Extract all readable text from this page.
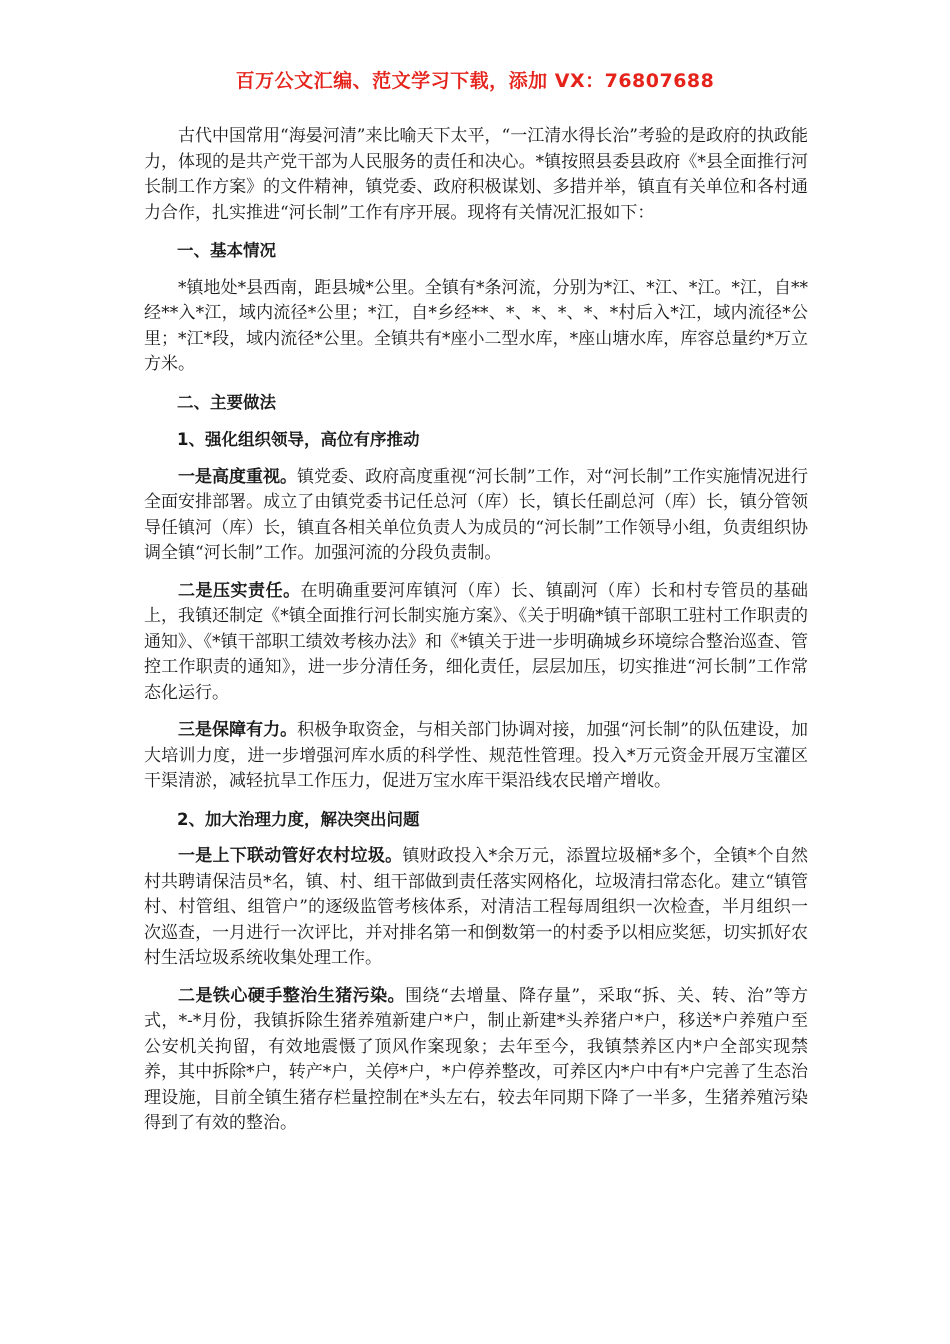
百万公文汇编、范文学习下载，添加 VX：76807688

古代中国常用“海晏河清”来比喻天下太平，“一江清水得长治”考验的是政府的执政能力，体现的是共产党干部为人民服务的责任和决心。*镇按照县委县政府《*县全面推行河长制工作方案》的文件精神，镇党委、政府积极谋划、多措并举，镇直有关单位和各村通力合作，扎实推进“河长制”工作有序开展。现将有关情况汇报如下：

一、基本情况

*镇地处*县西南，距县城*公里。全镇有*条河流，分别为*江、*江、*江。*江，自**经**入*江，域内流径*公里；*江，自*乡经**、*、*、*、*、*村后入*江，域内流径*公里；*江*段，域内流径*公里。全镇共有*座小二型水库，*座山塘水库，库容总量约*万立方米。

二、主要做法

1、强化组织领导，高位有序推动

一是高度重视。镇党委、政府高度重视“河长制”工作，对“河长制”工作实施情况进行全面安排部署。成立了由镇党委书记任总河（库）长，镇长任副总河（库）长，镇分管领导任镇河（库）长，镇直各相关单位负责人为成员的“河长制”工作领导小组，负责组织协调全镇“河长制”工作。加强河流的分段负责制。

二是压实责任。在明确重要河库镇河（库）长、镇副河（库）长和村专管员的基础上，我镇还制定《*镇全面推行河长制实施方案》、《关于明确*镇干部职工驻村工作职责的通知》、《*镇干部职工绩效考核办法》和《*镇关于进一步明确城乡环境综合整治巡查、管控工作职责的通知》，进一步分清任务，细化责任，层层加压，切实推进“河长制”工作常态化运行。

三是保障有力。积极争取资金，与相关部门协调对接，加强“河长制”的队伍建设，加大培训力度，进一步增强河库水质的科学性、规范性管理。投入*万元资金开展万宝灌区干渠清淤，减轻抗旱工作压力，促进万宝水库干渠沿线农民增产增收。

2、加大治理力度，解决突出问题

一是上下联动管好农村垃圾。镇财政投入*余万元，添置垃圾桶*多个，全镇*个自然村共聘请保洁员*名，镇、村、组干部做到责任落实网格化，垃圾清扫常态化。建立“镇管村、村管组、组管户”的逐级监管考核体系，对清洁工程每周组织一次检查，半月组织一次巡查，一月进行一次评比，并对排名第一和倒数第一的村委予以相应奖惩，切实抓好农村生活垃圾系统收集处理工作。

二是铁心硬手整治生猪污染。围绕“去增量、降存量”，采取“拆、关、转、治”等方式，*-*月份，我镇拆除生猪养殖新建户*户，制止新建*头养猪户*户，移送*户养殖户至公安机关拘留，有效地震慑了顶风作案现象；去年至今，我镇禁养区内*户全部实现禁养，其中拆除*户，转产*户，关停*户，*户停养整改，可养区内*户中有*户完善了生态治理设施，目前全镇生猪存栏量控制在*头左右，较去年同期下降了一半多，生猪养殖污染得到了有效的整治。
